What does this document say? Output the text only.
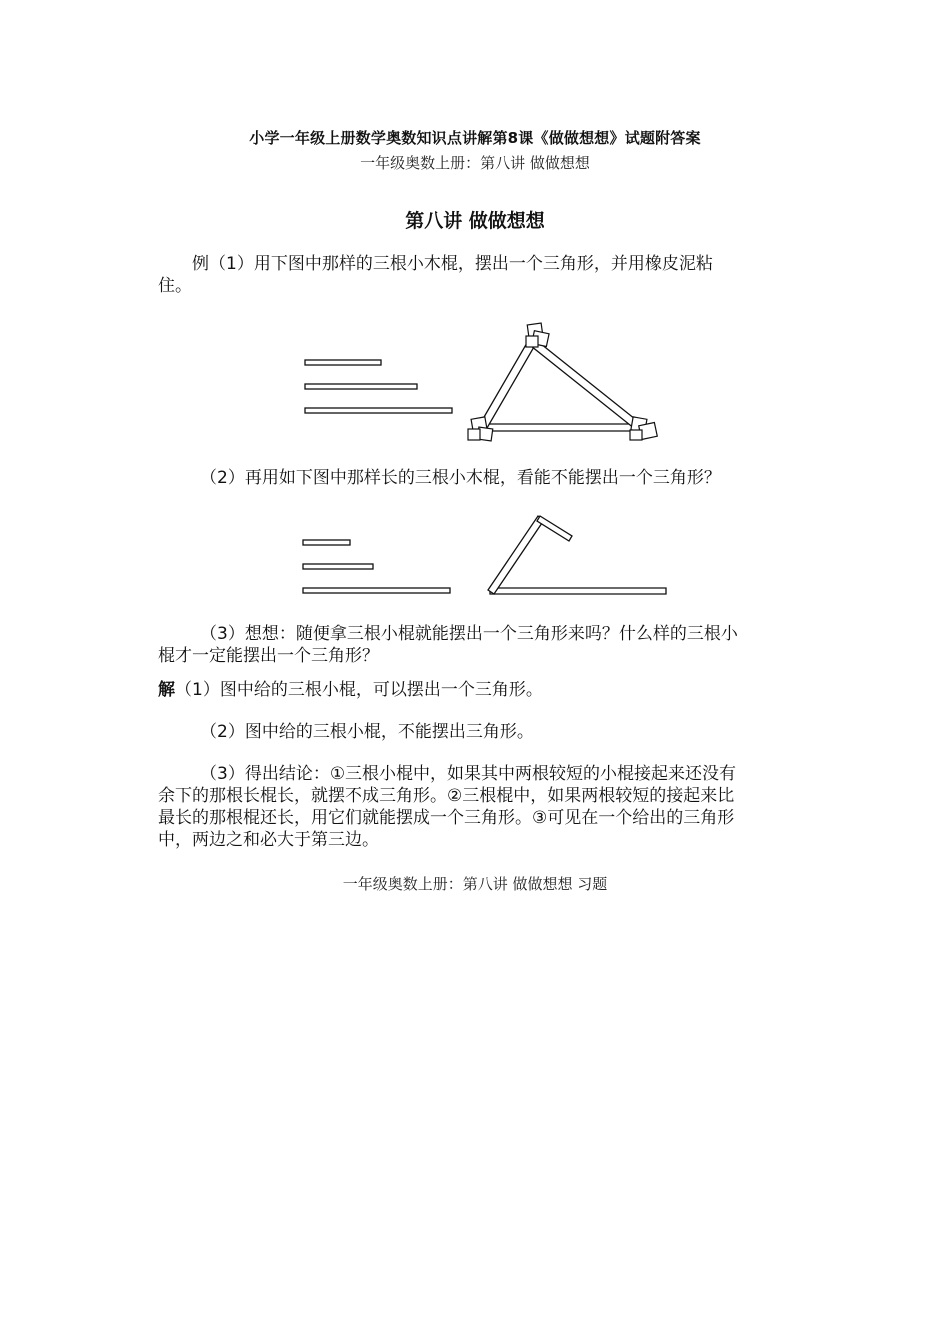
小学一年级上册数学奥数知识点讲解第8课《做做想想》试题附答案
一年级奥数上册：第八讲 做做想想
第八讲 做做想想
例（1）用下图中那样的三根小木棍，摆出一个三角形，并用橡皮泥粘
住。
（2）再用如下图中那样长的三根小木棍，看能不能摆出一个三角形？
（3）想想：随便拿三根小棍就能摆出一个三角形来吗？什么样的三根小
棍才一定能摆出一个三角形？
解（1）图中给的三根小棍，可以摆出一个三角形。
（2）图中给的三根小棍，不能摆出三角形。
（3）得出结论：①三根小棍中，如果其中两根较短的小棍接起来还没有
余下的那根长棍长，就摆不成三角形。②三根棍中，如果两根较短的接起来比
最长的那根棍还长，用它们就能摆成一个三角形。③可见在一个给出的三角形
中，两边之和必大于第三边。
一年级奥数上册：第八讲 做做想想 习题
